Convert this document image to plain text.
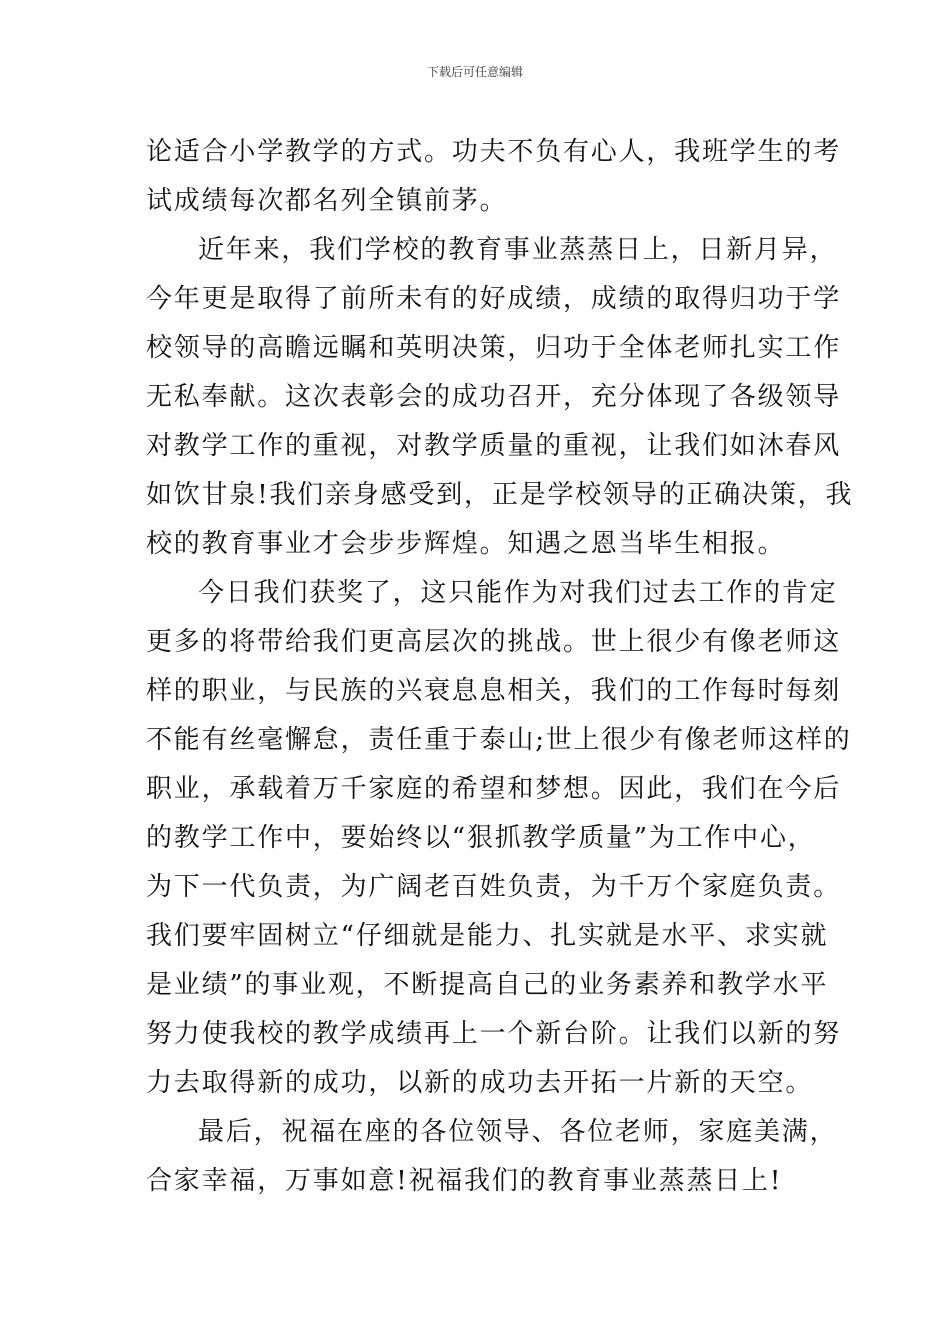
下载后可任意编辑
论适合小学教学的方式。功夫不负有心人，我班学生的考
试成绩每次都名列全镇前茅。
近年来，我们学校的教育事业蒸蒸日上，日新月异，
今年更是取得了前所未有的好成绩，成绩的取得归功于学
校领导的高瞻远瞩和英明决策，归功于全体老师扎实工作
无私奉献。这次表彰会的成功召开，充分体现了各级领导
对教学工作的重视，对教学质量的重视，让我们如沐春风
如饮甘泉!我们亲身感受到，正是学校领导的正确决策，我
校的教育事业才会步步辉煌。知遇之恩当毕生相报。
今日我们获奖了，这只能作为对我们过去工作的肯定
更多的将带给我们更高层次的挑战。世上很少有像老师这
样的职业，与民族的兴衰息息相关，我们的工作每时每刻
不能有丝毫懈怠，责任重于泰山;世上很少有像老师这样的
职业，承载着万千家庭的希望和梦想。因此，我们在今后
的教学工作中，要始终以“狠抓教学质量”为工作中心，
为下一代负责，为广阔老百姓负责，为千万个家庭负责。
我们要牢固树立“仔细就是能力、扎实就是水平、求实就
是业绩”的事业观，不断提高自己的业务素养和教学水平
努力使我校的教学成绩再上一个新台阶。让我们以新的努
力去取得新的成功，以新的成功去开拓一片新的天空。
最后，祝福在座的各位领导、各位老师，家庭美满，
合家幸福，万事如意!祝福我们的教育事业蒸蒸日上!
